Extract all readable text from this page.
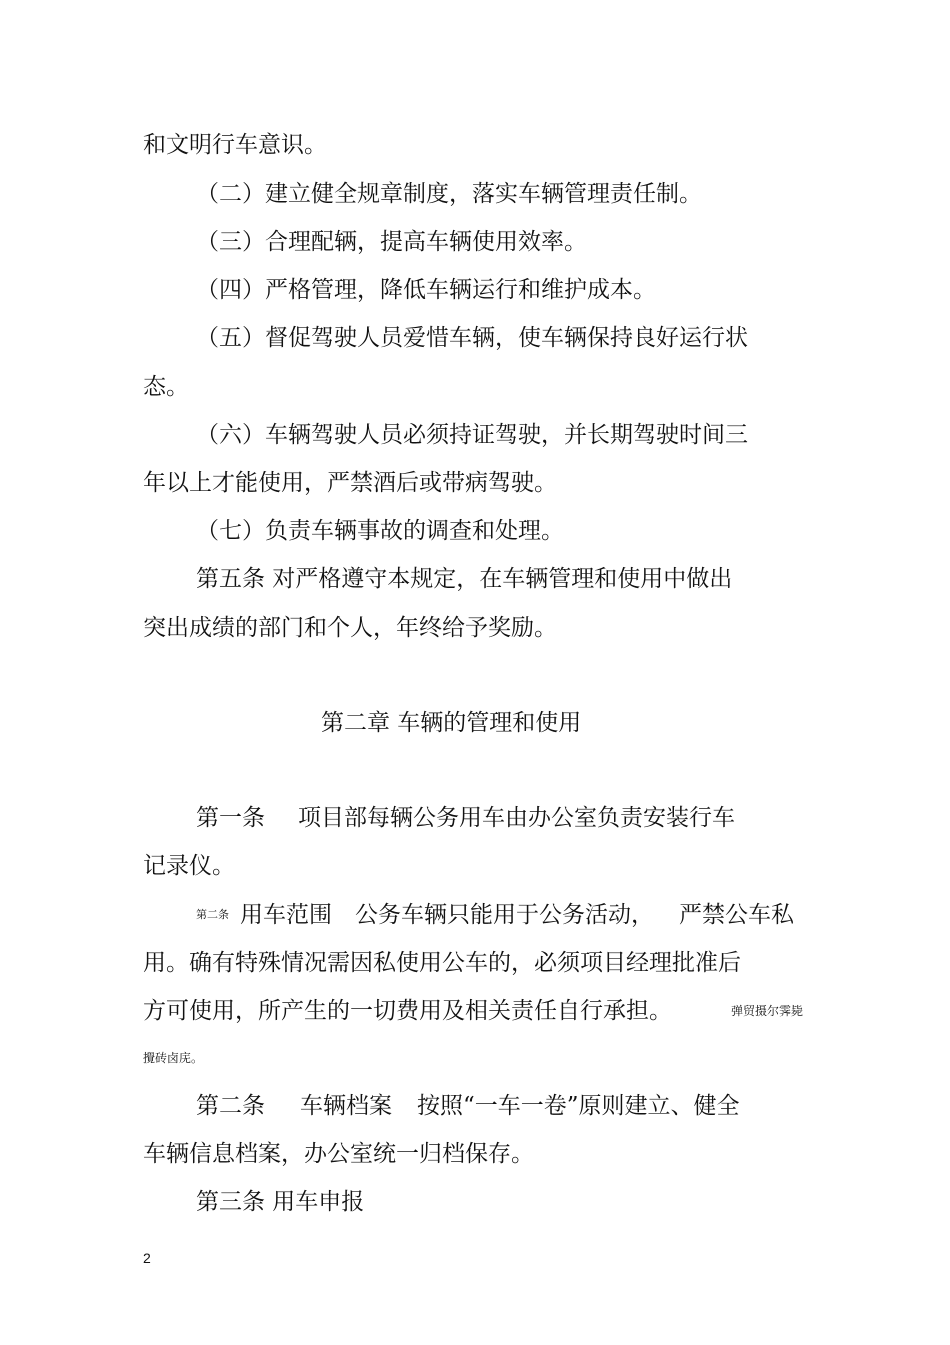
和文明行车意识。

（二）建立健全规章制度，落实车辆管理责任制。

（三）合理配辆，提高车辆使用效率。

（四）严格管理，降低车辆运行和维护成本。

（五）督促驾驶人员爱惜车辆，使车辆保持良好运行状

态。

（六）车辆驾驶人员必须持证驾驶，并长期驾驶时间三

年以上才能使用，严禁酒后或带病驾驶。

（七）负责车辆事故的调查和处理。

第五条 对严格遵守本规定，在车辆管理和使用中做出

突出成绩的部门和个人，年终给予奖励。

第二章 车辆的管理和使用

第一条 项目部每辆公务用车由办公室负责安装行车

记录仪。

第二条 用车范围 公务车辆只能用于公务活动， 严禁公车私

用。确有特殊情况需因私使用公车的，必须项目经理批准后

方可使用，所产生的一切费用及相关责任自行承担。	弹贸摄尔霁毙

攪砖卤庑。

第二条 车辆档案 按照“一车一卷”原则建立、健全

车辆信息档案，办公室统一归档保存。

第三条 用车申报

2
